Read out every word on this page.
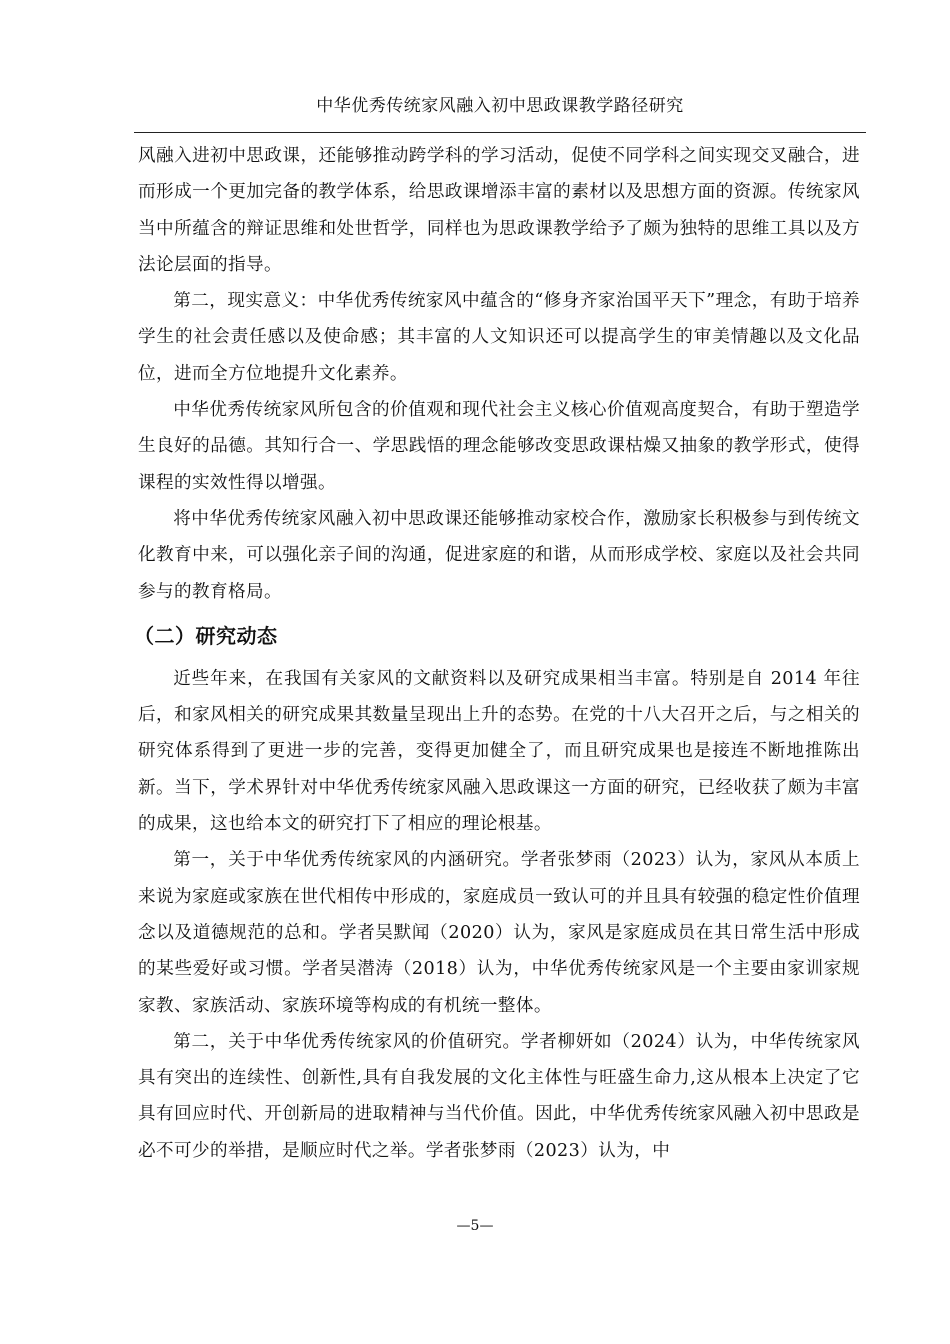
中华优秀传统家风融入初中思政课教学路径研究

风融入进初中思政课，还能够推动跨学科的学习活动，促使不同学科之间实现交叉融合，进而形成一个更加完备的教学体系，给思政课增添丰富的素材以及思想方面的资源。传统家风当中所蕴含的辩证思维和处世哲学，同样也为思政课教学给予了颇为独特的思维工具以及方法论层面的指导。

第二，现实意义：中华优秀传统家风中蕴含的“修身齐家治国平天下”理念，有助于培养学生的社会责任感以及使命感；其丰富的人文知识还可以提高学生的审美情趣以及文化品位，进而全方位地提升文化素养。

中华优秀传统家风所包含的价值观和现代社会主义核心价值观高度契合，有助于塑造学生良好的品德。其知行合一、学思践悟的理念能够改变思政课枯燥又抽象的教学形式，使得课程的实效性得以增强。

将中华优秀传统家风融入初中思政课还能够推动家校合作，激励家长积极参与到传统文化教育中来，可以强化亲子间的沟通，促进家庭的和谐，从而形成学校、家庭以及社会共同参与的教育格局。

（二）研究动态

近些年来，在我国有关家风的文献资料以及研究成果相当丰富。特别是自 2014 年往后，和家风相关的研究成果其数量呈现出上升的态势。在党的十八大召开之后，与之相关的研究体系得到了更进一步的完善，变得更加健全了，而且研究成果也是接连不断地推陈出新。当下，学术界针对中华优秀传统家风融入思政课这一方面的研究，已经收获了颇为丰富的成果，这也给本文的研究打下了相应的理论根基。

第一，关于中华优秀传统家风的内涵研究。学者张梦雨（2023）认为，家风从本质上来说为家庭或家族在世代相传中形成的，家庭成员一致认可的并且具有较强的稳定性价值理念以及道德规范的总和。学者吴默闻（2020）认为，家风是家庭成员在其日常生活中形成的某些爱好或习惯。学者吴潜涛（2018）认为，中华优秀传统家风是一个主要由家训家规家教、家族活动、家族环境等构成的有机统一整体。

第二，关于中华优秀传统家风的价值研究。学者柳妍如（2024）认为，中华传统家风具有突出的连续性、创新性,具有自我发展的文化主体性与旺盛生命力,这从根本上决定了它具有回应时代、开创新局的进取精神与当代价值。因此，中华优秀传统家风融入初中思政是必不可少的举措，是顺应时代之举。学者张梦雨（2023）认为，中

—5—
